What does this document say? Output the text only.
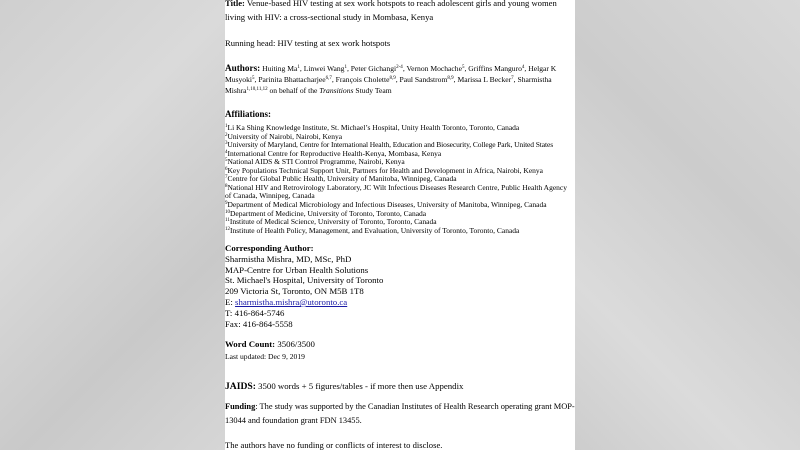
Title: Venue-based HIV testing at sex work hotspots to reach adolescent girls and young women living with HIV: a cross-sectional study in Mombasa, Kenya

Running head: HIV testing at sex work hotspots

Authors: Huiting Ma$^1$, Linwei Wang$^1$, Peter Gichangi$^{2-4}$, Vernon Mochache$^5$, Griffins Manguro$^4$, Helgar K Musyoki$^5$, Parinita Bhattacharjee$^{6,7}$, François Cholette$^{8,9}$, Paul Sandstrom$^{8,9}$, Marissa L Becker$^7$, Sharmistha Mishra$^{1,10,11,12}$ on behalf of the Transitions Study Team

Affiliations:
$^1$Li Ka Shing Knowledge Institute, St. Michael’s Hospital, Unity Health Toronto, Toronto, Canada
$^2$University of Nairobi, Nairobi, Kenya
$^3$University of Maryland, Centre for International Health, Education and Biosecurity, College Park, United States
$^4$International Centre for Reproductive Health-Kenya, Mombasa, Kenya
$^5$National AIDS & STI Control Programme, Nairobi, Kenya
$^6$Key Populations Technical Support Unit, Partners for Health and Development in Africa, Nairobi, Kenya
$^7$Centre for Global Public Health, University of Manitoba, Winnipeg, Canada
$^8$National HIV and Retrovirology Laboratory, JC Wilt Infectious Diseases Research Centre, Public Health Agency of Canada, Winnipeg, Canada
$^9$Department of Medical Microbiology and Infectious Diseases, University of Manitoba, Winnipeg, Canada
$^{10}$Department of Medicine, University of Toronto, Toronto, Canada
$^{11}$Institute of Medical Science, University of Toronto, Toronto, Canada
$^{12}$Institute of Health Policy, Management, and Evaluation, University of Toronto, Toronto, Canada
Corresponding Author:
Sharmistha Mishra, MD, MSc, PhD
MAP-Centre for Urban Health Solutions
St. Michael's Hospital, University of Toronto
209 Victoria St, Toronto, ON M5B 1T8
E: sharmistha.mishra@utoronto.ca
T: 416-864-5746
Fax: 416-864-5558
Word Count: 3506/3500
Last updated: Dec 9, 2019
JAIDS: 3500 words + 5 figures/tables - if more then use Appendix

Funding: The study was supported by the Canadian Institutes of Health Research operating grant MOP-13044 and foundation grant FDN 13455.

The authors have no funding or conflicts of interest to disclose.
